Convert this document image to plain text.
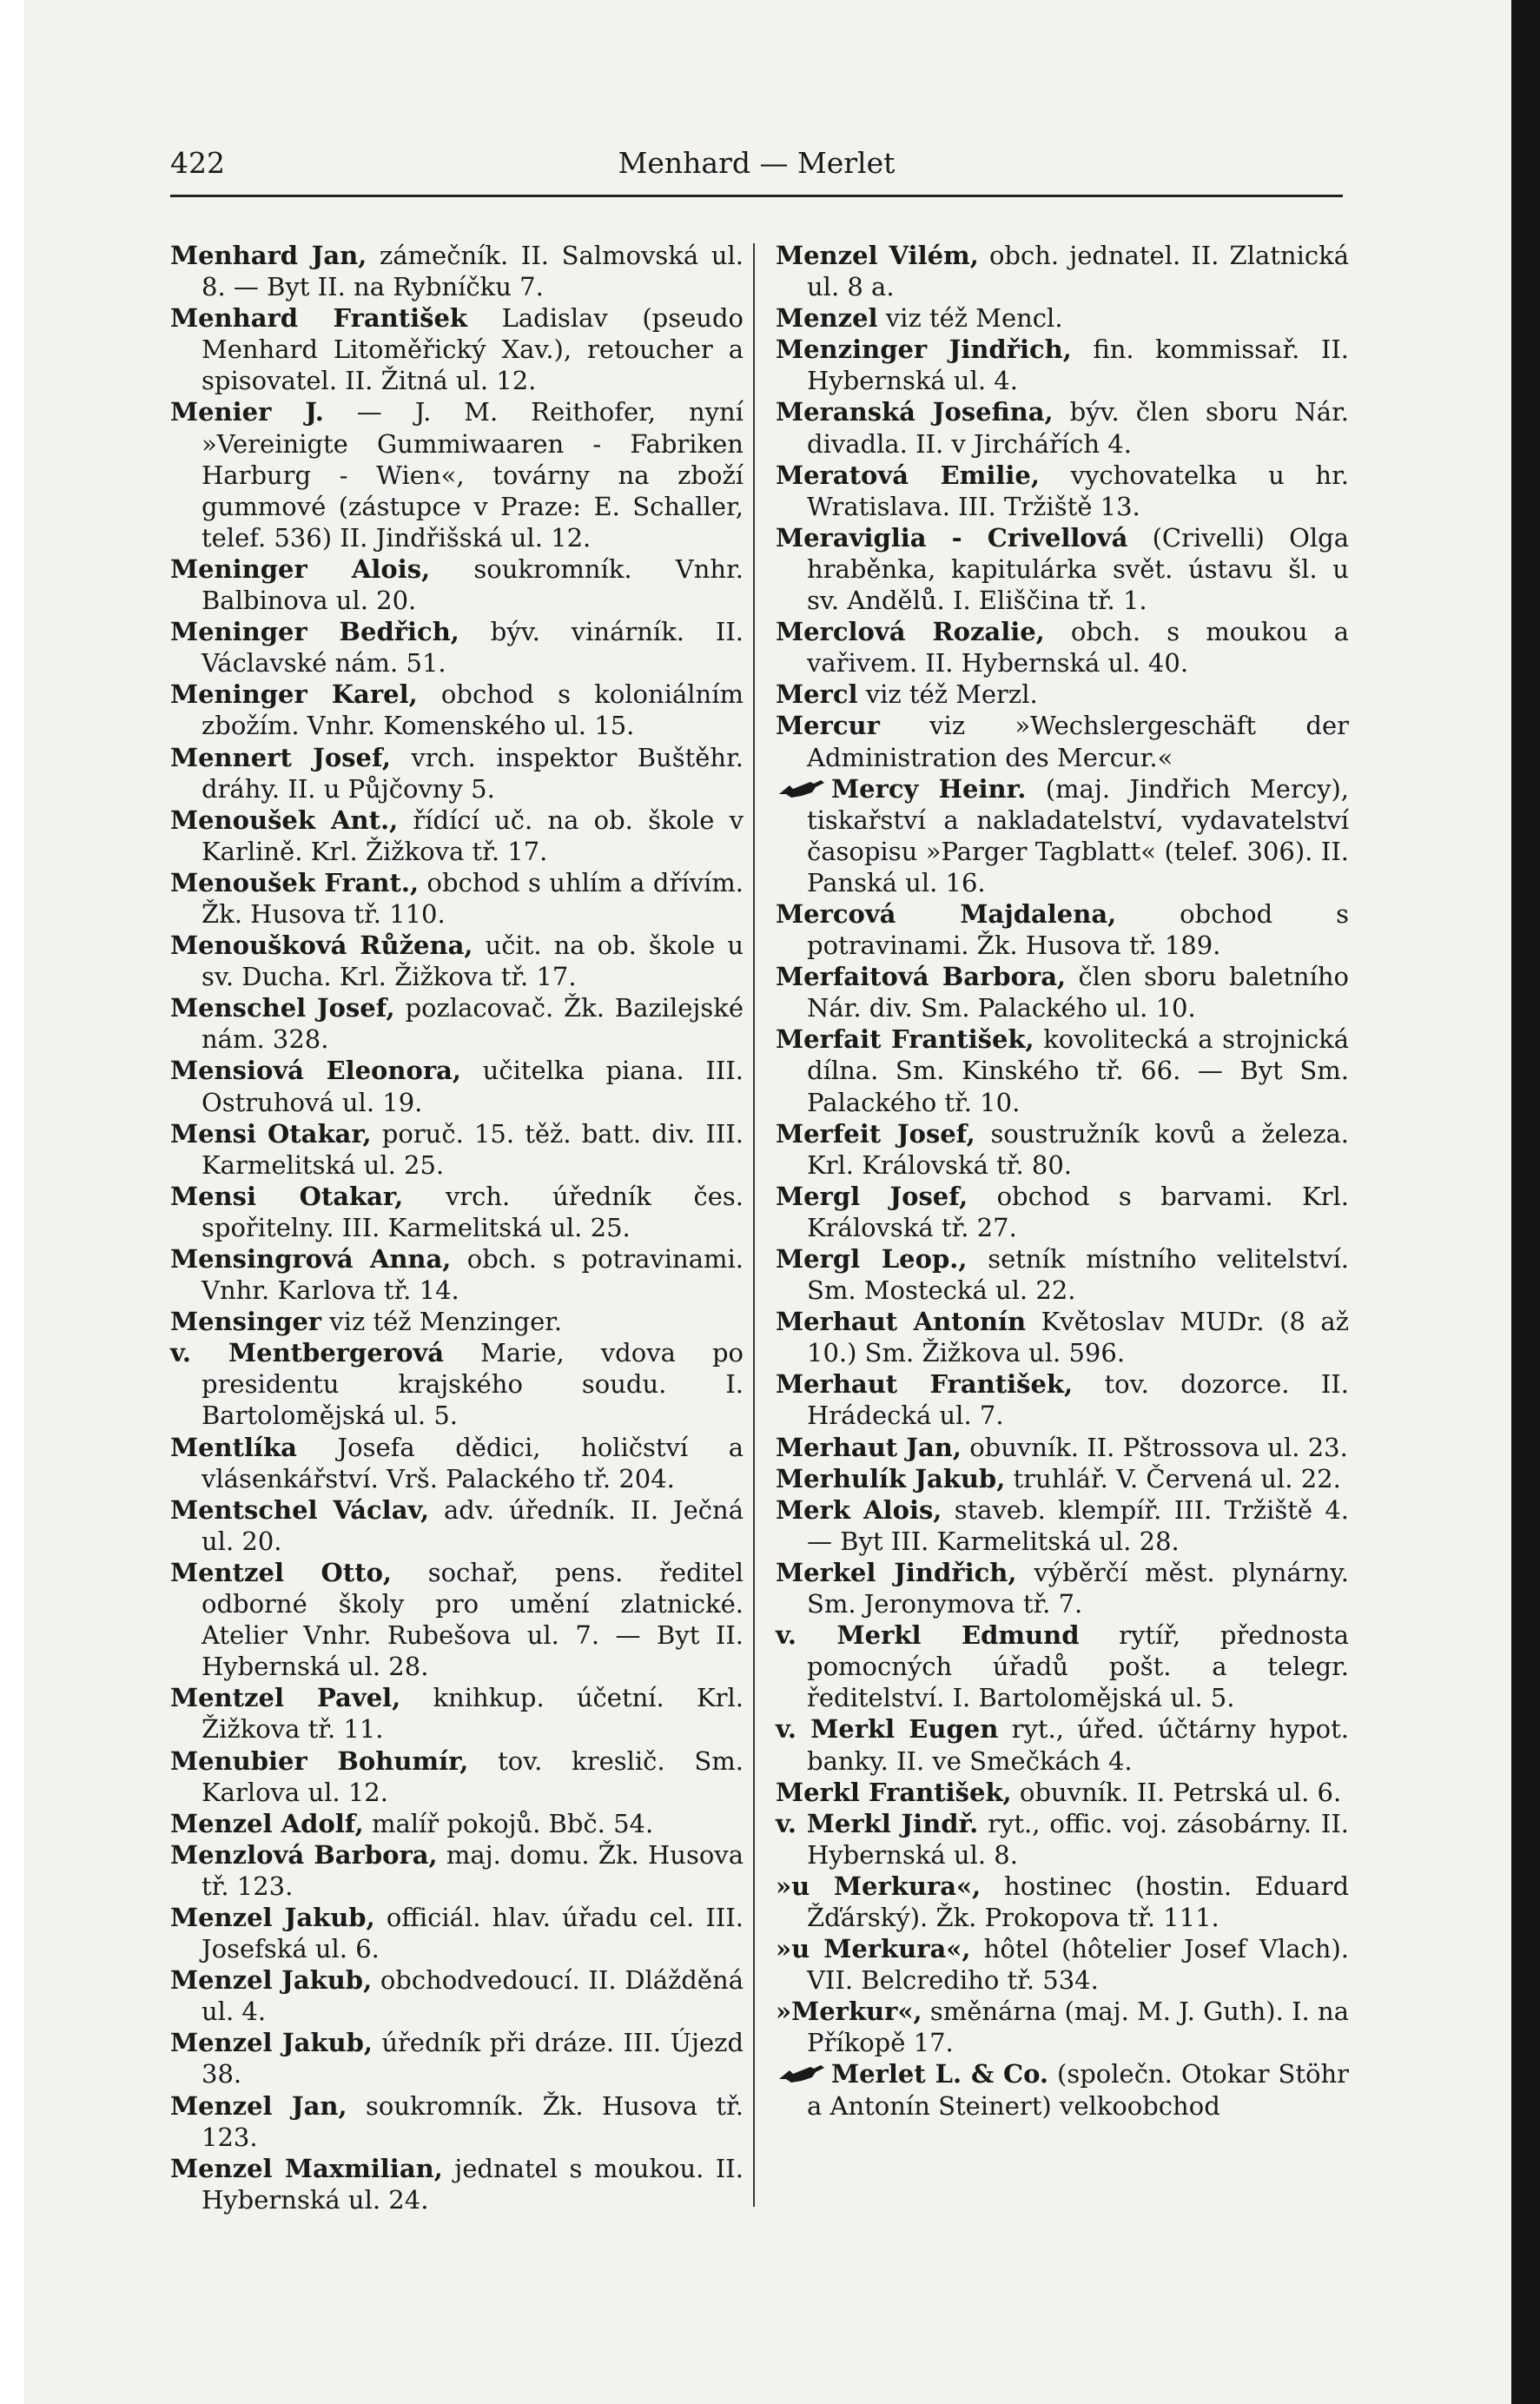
422	Menhard — Merlet
Menhard Jan, zámečník. II. Salmovská ul. 8. — Byt II. na Rybníčku 7.
Menhard František Ladislav (pseudo Menhard Litoměřický Xav.), retoucher a spisovatel. II. Žitná ul. 12.
Menier J. — J. M. Reithofer, nyní »Vereinigte Gummiwaaren - Fabriken Harburg - Wien«, továrny na zboží gummové (zástupce v Praze: E. Schaller, telef. 536) II. Jindřišská ul. 12.
Meninger Alois, soukromník. Vnhr. Balbinova ul. 20.
Meninger Bedřich, býv. vinárník. II. Václavské nám. 51.
Meninger Karel, obchod s koloniálním zbožím. Vnhr. Komenského ul. 15.
Mennert Josef, vrch. inspektor Buštěhr. dráhy. II. u Půjčovny 5.
Menoušek Ant., řídící uč. na ob. škole v Karlině. Krl. Žižkova tř. 17.
Menoušek Frant., obchod s uhlím a dřívím. Žk. Husova tř. 110.
Menoušková Růžena, učit. na ob. škole u sv. Ducha. Krl. Žižkova tř. 17.
Menschel Josef, pozlacovač. Žk. Bazilejské nám. 328.
Mensiová Eleonora, učitelka piana. III. Ostruhová ul. 19.
Mensi Otakar, poruč. 15. těž. batt. div. III. Karmelitská ul. 25.
Mensi Otakar, vrch. úředník čes. spořitelny. III. Karmelitská ul. 25.
Mensingrová Anna, obch. s potravinami. Vnhr. Karlova tř. 14.
Mensinger viz též Menzinger.
v. Mentbergerová Marie, vdova po presidentu krajského soudu. I. Bartolomějská ul. 5.
Mentlíka Josefa dědici, holičství a vlásenkářství. Vrš. Palackého tř. 204.
Mentschel Václav, adv. úředník. II. Ječná ul. 20.
Mentzel Otto, sochař, pens. ředitel odborné školy pro umění zlatnické. Atelier Vnhr. Rubešova ul. 7. — Byt II. Hybernská ul. 28.
Mentzel Pavel, knihkup. účetní. Krl. Žižkova tř. 11.
Menubier Bohumír, tov. kreslič. Sm. Karlova ul. 12.
Menzel Adolf, malíř pokojů. Bbč. 54.
Menzlová Barbora, maj. domu. Žk. Husova tř. 123.
Menzel Jakub, officiál. hlav. úřadu cel. III. Josefská ul. 6.
Menzel Jakub, obchodvedoucí. II. Dlážděná ul. 4.
Menzel Jakub, úředník při dráze. III. Újezd 38.
Menzel Jan, soukromník. Žk. Husova tř. 123.
Menzel Maxmilian, jednatel s moukou. II. Hybernská ul. 24.
Menzel Vilém, obch. jednatel. II. Zlatnická ul. 8 a.
Menzel viz též Mencl.
Menzinger Jindřich, fin. kommissař. II. Hybernská ul. 4.
Meranská Josefina, býv. člen sboru Nár. divadla. II. v Jirchářích 4.
Meratová Emilie, vychovatelka u hr. Wratislava. III. Tržiště 13.
Meraviglia - Crivellová (Crivelli) Olga hraběnka, kapitulárka svět. ústavu šl. u sv. Andělů. I. Eliščina tř. 1.
Merclová Rozalie, obch. s moukou a vařivem. II. Hybernská ul. 40.
Mercl viz též Merzl.
Mercur viz »Wechslergeschäft der Administration des Mercur.«
Mercy Heinr. (maj. Jindřich Mercy), tiskařství a nakladatelství, vydavatelství časopisu »Parger Tagblatt« (telef. 306). II. Panská ul. 16.
Mercová Majdalena, obchod s potravinami. Žk. Husova tř. 189.
Merfaitová Barbora, člen sboru baletního Nár. div. Sm. Palackého ul. 10.
Merfait František, kovolitecká a strojnická dílna. Sm. Kinského tř. 66. — Byt Sm. Palackého tř. 10.
Merfeit Josef, soustružník kovů a železa. Krl. Královská tř. 80.
Mergl Josef, obchod s barvami. Krl. Královská tř. 27.
Mergl Leop., setník místního velitelství. Sm. Mostecká ul. 22.
Merhaut Antonín Květoslav MUDr. (8 až 10.) Sm. Žižkova ul. 596.
Merhaut František, tov. dozorce. II. Hrádecká ul. 7.
Merhaut Jan, obuvník. II. Pštrossova ul. 23.
Merhulík Jakub, truhlář. V. Červená ul. 22.
Merk Alois, staveb. klempíř. III. Tržiště 4. — Byt III. Karmelitská ul. 28.
Merkel Jindřich, výběrčí měst. plynárny. Sm. Jeronymova tř. 7.
v. Merkl Edmund rytíř, přednosta pomocných úřadů pošt. a telegr. ředitelství. I. Bartolomějská ul. 5.
v. Merkl Eugen ryt., úřed. účtárny hypot. banky. II. ve Smečkách 4.
Merkl František, obuvník. II. Petrská ul. 6.
v. Merkl Jindř. ryt., offic. voj. zásobárny. II. Hybernská ul. 8.
»u Merkura«, hostinec (hostin. Eduard Žďárský). Žk. Prokopova tř. 111.
»u Merkura«, hôtel (hôtelier Josef Vlach). VII. Belcrediho tř. 534.
»Merkur«, směnárna (maj. M. J. Guth). I. na Příkopě 17.
Merlet L. & Co. (společn. Otokar Stöhr a Antonín Steinert) velkoobchod
